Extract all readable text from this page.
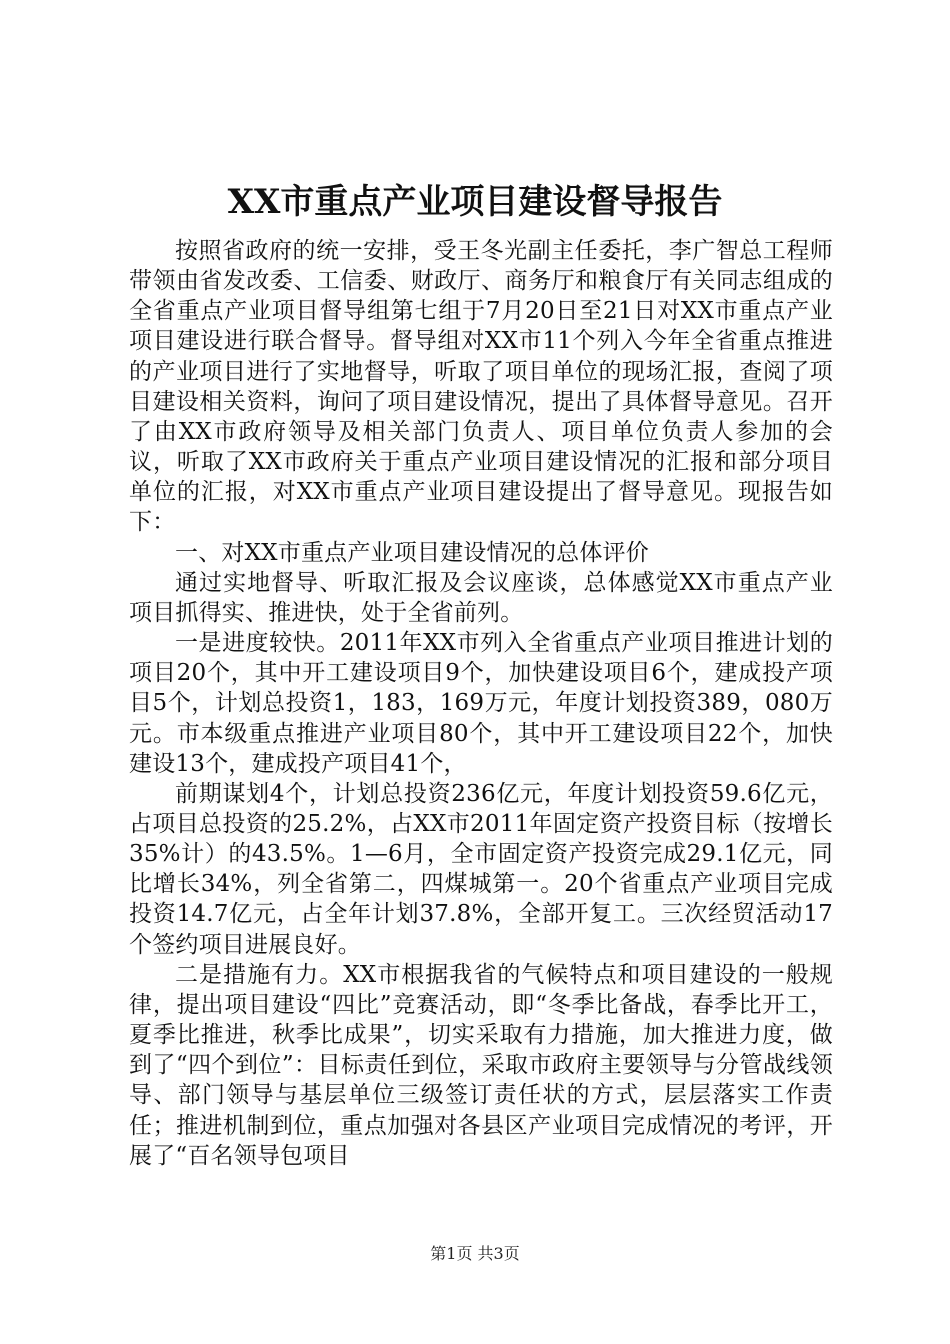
XX市重点产业项目建设督导报告

按照省政府的统一安排，受王冬光副主任委托，李广智总工程师带领由省发改委、工信委、财政厅、商务厅和粮食厅有关同志组成的全省重点产业项目督导组第七组于7月20日至21日对XX市重点产业项目建设进行联合督导。督导组对XX市11个列入今年全省重点推进的产业项目进行了实地督导，听取了项目单位的现场汇报，查阅了项目建设相关资料，询问了项目建设情况，提出了具体督导意见。召开了由XX市政府领导及相关部门负责人、项目单位负责人参加的会议，听取了XX市政府关于重点产业项目建设情况的汇报和部分项目单位的汇报，对XX市重点产业项目建设提出了督导意见。现报告如下：

一、对XX市重点产业项目建设情况的总体评价

通过实地督导、听取汇报及会议座谈，总体感觉XX市重点产业项目抓得实、推进快，处于全省前列。

一是进度较快。2011年XX市列入全省重点产业项目推进计划的项目20个，其中开工建设项目9个，加快建设项目6个，建成投产项目5个，计划总投资1，183，169万元，年度计划投资389，080万元。市本级重点推进产业项目80个，其中开工建设项目22个，加快建设13个，建成投产项目41个，

前期谋划4个，计划总投资236亿元，年度计划投资59.6亿元，占项目总投资的25.2%，占XX市2011年固定资产投资目标（按增长35%计）的43.5%。1—6月，全市固定资产投资完成29.1亿元，同比增长34%，列全省第二，四煤城第一。20个省重点产业项目完成投资14.7亿元，占全年计划37.8%，全部开复工。三次经贸活动17个签约项目进展良好。

二是措施有力。XX市根据我省的气候特点和项目建设的一般规律，提出项目建设“四比”竞赛活动，即“冬季比备战，春季比开工，夏季比推进，秋季比成果”，切实采取有力措施，加大推进力度，做到了“四个到位”：目标责任到位，采取市政府主要领导与分管战线领导、部门领导与基层单位三级签订责任状的方式，层层落实工作责任；推进机制到位，重点加强对各县区产业项目完成情况的考评，开展了“百名领导包项目

第1页 共3页
